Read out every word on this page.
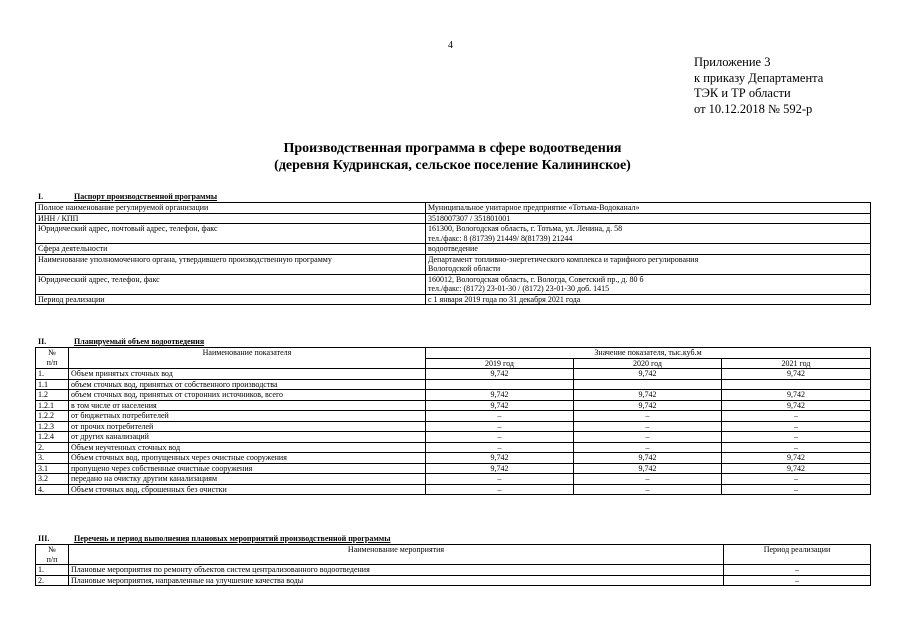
4
Приложение 3
к приказу Департамента
ТЭК и ТР области
от 10.12.2018 № 592-р
Производственная программа в сфере водоотведения
(деревня Кудринская, сельское поселение Калининское)
I.	Паспорт производственной программы
Полное наименование регулируемой организации	Муниципальное унитарное предприятие «Тотьма-Водоканал»

ИНН / КПП	3518007307 / 351801001

Юридический адрес, почтовый адрес, телефон, факс	161300, Вологодская область, г. Тотьма, ул. Ленина, д. 58
тел./факс: 8 (81739) 21449/ 8(81739) 21244

Сфера деятельности	водоотведение

Наименование уполномоченного органа, утвердившего производственную программу	Департамент топливно-энергетического комплекса и тарифного регулирования
Вологодской области

Юридический адрес, телефон, факс	160012, Вологодская область, г. Вологда, Советский пр., д. 80 б
тел./факс: (8172) 23-01-30 / (8172) 23-01-30 доб. 1415

Период реализации	с 1 января 2019 года по 31 декабря 2021 года
II.	Планируемый объем водоотведения
№
п/п	Наименование показателя	Значение показателя, тыс.куб.м		
		2019 год	2020 год	2021 год
1.	Объем принятых сточных вод	9,742	9,742	9,742
1.1	объем сточных вод, принятых от собственного производства			
1.2	объем сточных вод, принятых от сторонних источников, всего	9,742	9,742	9,742
1.2.1	в том числе от населения	9,742	9,742	9,742
1.2.2	от бюджетных потребителей	–	–	–
1.2.3	от прочих потребителей	–	–	–
1.2.4	от других канализаций	–	–	–
2.	Объем неучтенных сточных вод	–	–	–
3.	Объем сточных вод, пропущенных через очистные сооружения	9,742	9,742	9,742
3.1	пропущено через собственные очистные сооружения	9,742	9,742	9,742
3.2	передано на очистку другим канализациям	–	–	–
4.	Объем сточных вод, сброшенных без очистки	–	–	–
III.	Перечень и период выполнения плановых мероприятий производственной программы
№
п/п	Наименование мероприятия	Период реализации
1.	Плановые мероприятия по ремонту объектов систем централизованного водоотведения	–
2.	Плановые мероприятия, направленные на улучшение качества воды	–
